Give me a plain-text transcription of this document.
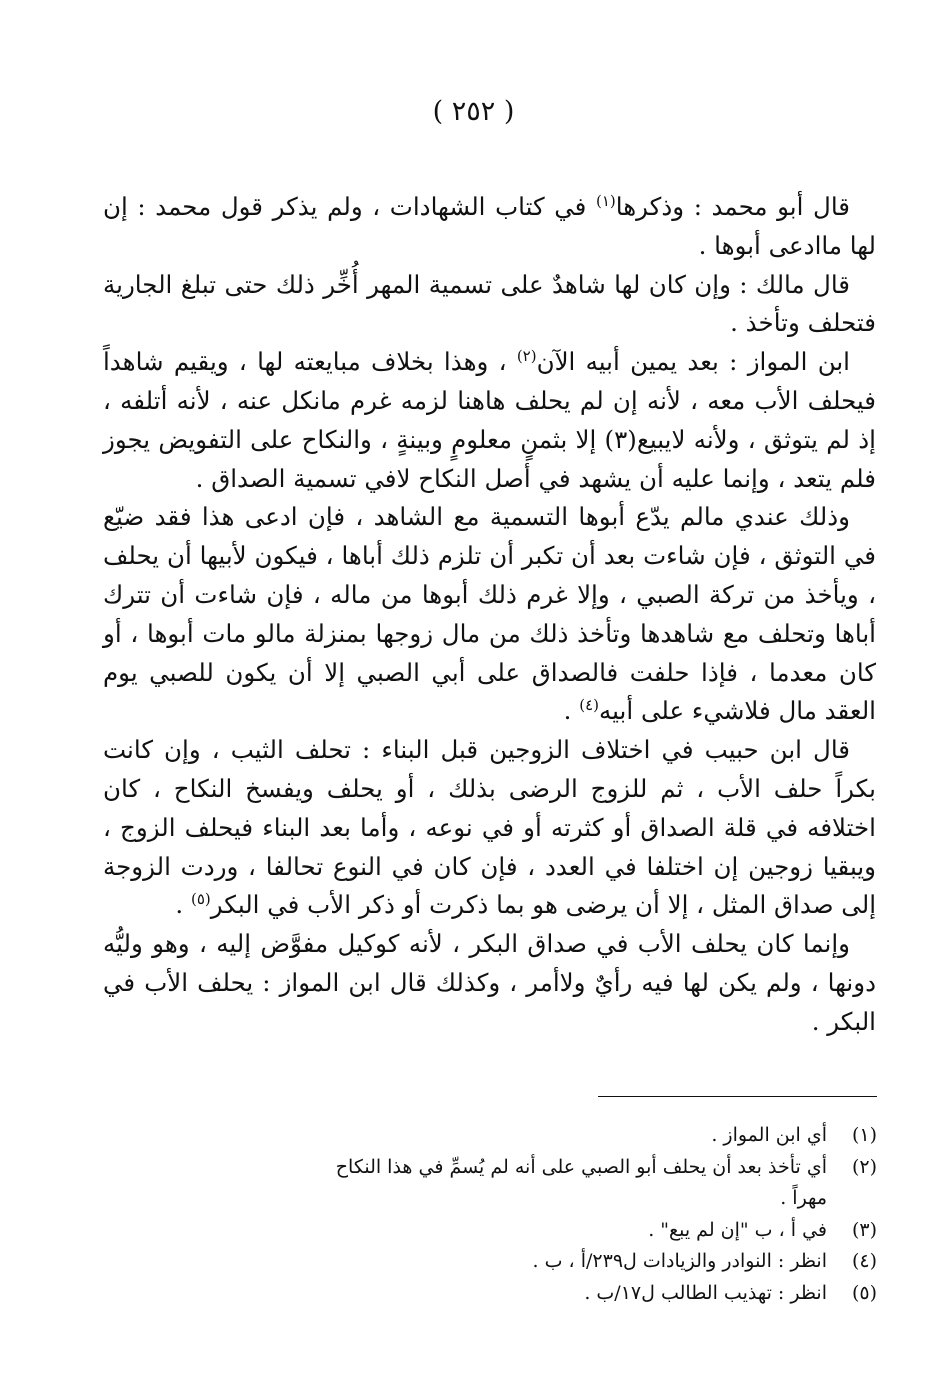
( ٢٥٢ )

قال أبو محمد : وذكرها$^{(١)}$ في كتاب الشهادات ، ولم يذكر قول محمد : إن لها ماادعى أبوها .

قال مالك : وإن كان لها شاهدٌ على تسمية المهر أُخِّر ذلك حتى تبلغ الجارية فتحلف وتأخذ .

ابن المواز : بعد يمين أبيه الآن$^{(٢)}$ ، وهذا بخلاف مبايعته لها ، ويقيم شاهداً فيحلف الأب معه ، لأنه إن لم يحلف هاهنا لزمه غرم مانكل عنه ، لأنه أتلفه ، إذ لم يتوثق ، ولأنه لايبيع(٣) إلا بثمنٍ معلومٍ وبينةٍ ، والنكاح على التفويض يجوز فلم يتعد ، وإنما عليه أن يشهد في أصل النكاح لافي تسمية الصداق .

وذلك عندي مالم يدّع أبوها التسمية مع الشاهد ، فإن ادعى هذا فقد ضيّع في التوثق ، فإن شاءت بعد أن تكبر أن تلزم ذلك أباها ، فيكون لأبيها أن يحلف ، ويأخذ من تركة الصبي ، وإلا غرم ذلك أبوها من ماله ، فإن شاءت أن تترك أباها وتحلف مع شاهدها وتأخذ ذلك من مال زوجها بمنزلة مالو مات أبوها ، أو كان معدما ، فإذا حلفت فالصداق على أبي الصبي إلا أن يكون للصبي يوم العقد مال فلاشيء على أبيه$^{(٤)}$ .

قال ابن حبيب في اختلاف الزوجين قبل البناء : تحلف الثيب ، وإن كانت بكراً حلف الأب ، ثم للزوج الرضى بذلك ، أو يحلف ويفسخ النكاح ، كان اختلافه في قلة الصداق أو كثرته أو في نوعه ، وأما بعد البناء فيحلف الزوج ، ويبقيا زوجين إن اختلفا في العدد ، فإن كان في النوع تحالفا ، وردت الزوجة إلى صداق المثل ، إلا أن يرضى هو بما ذكرت أو ذكر الأب في البكر$^{(٥)}$ .

وإنما كان يحلف الأب في صداق البكر ، لأنه كوكيل مفوَّض إليه ، وهو وليُّه دونها ، ولم يكن لها فيه رأيٌ ولاأمر ، وكذلك قال ابن المواز : يحلف الأب في البكر .

(١)
أي ابن المواز .
(٢)
أي تأخذ بعد أن يحلف أبو الصبي على أنه لم يُسمِّ في هذا النكاح مهراً .
(٣)
في أ ، ب "إن لم يبع" .
(٤)
انظر : النوادر والزيادات ل٢٣٩/أ ، ب .
(٥)
انظر : تهذيب الطالب ل١٧/ب .
